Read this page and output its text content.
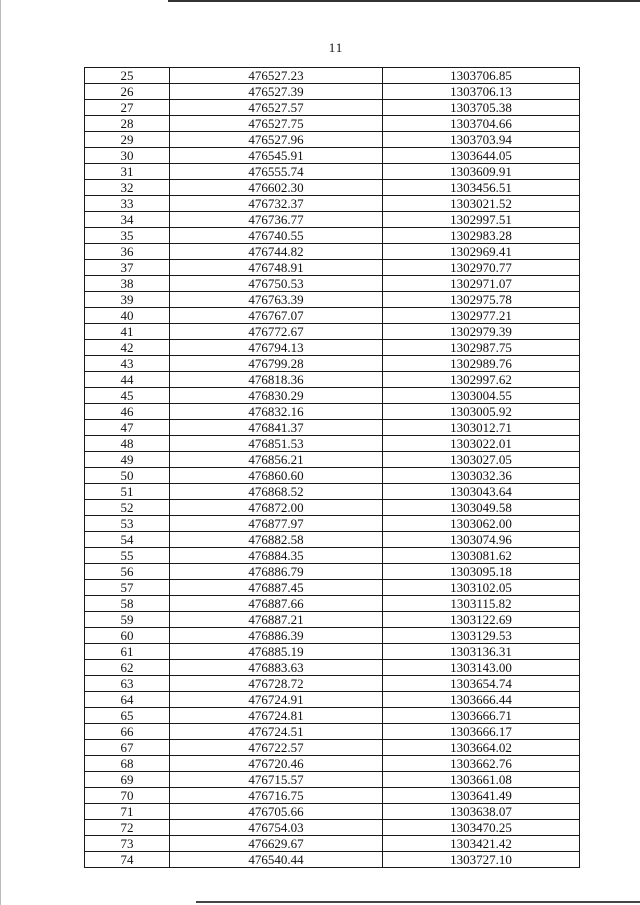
11
25	476527.23	1303706.85
26	476527.39	1303706.13
27	476527.57	1303705.38
28	476527.75	1303704.66
29	476527.96	1303703.94
30	476545.91	1303644.05
31	476555.74	1303609.91
32	476602.30	1303456.51
33	476732.37	1303021.52
34	476736.77	1302997.51
35	476740.55	1302983.28
36	476744.82	1302969.41
37	476748.91	1302970.77
38	476750.53	1302971.07
39	476763.39	1302975.78
40	476767.07	1302977.21
41	476772.67	1302979.39
42	476794.13	1302987.75
43	476799.28	1302989.76
44	476818.36	1302997.62
45	476830.29	1303004.55
46	476832.16	1303005.92
47	476841.37	1303012.71
48	476851.53	1303022.01
49	476856.21	1303027.05
50	476860.60	1303032.36
51	476868.52	1303043.64
52	476872.00	1303049.58
53	476877.97	1303062.00
54	476882.58	1303074.96
55	476884.35	1303081.62
56	476886.79	1303095.18
57	476887.45	1303102.05
58	476887.66	1303115.82
59	476887.21	1303122.69
60	476886.39	1303129.53
61	476885.19	1303136.31
62	476883.63	1303143.00
63	476728.72	1303654.74
64	476724.91	1303666.44
65	476724.81	1303666.71
66	476724.51	1303666.17
67	476722.57	1303664.02
68	476720.46	1303662.76
69	476715.57	1303661.08
70	476716.75	1303641.49
71	476705.66	1303638.07
72	476754.03	1303470.25
73	476629.67	1303421.42
74	476540.44	1303727.10
